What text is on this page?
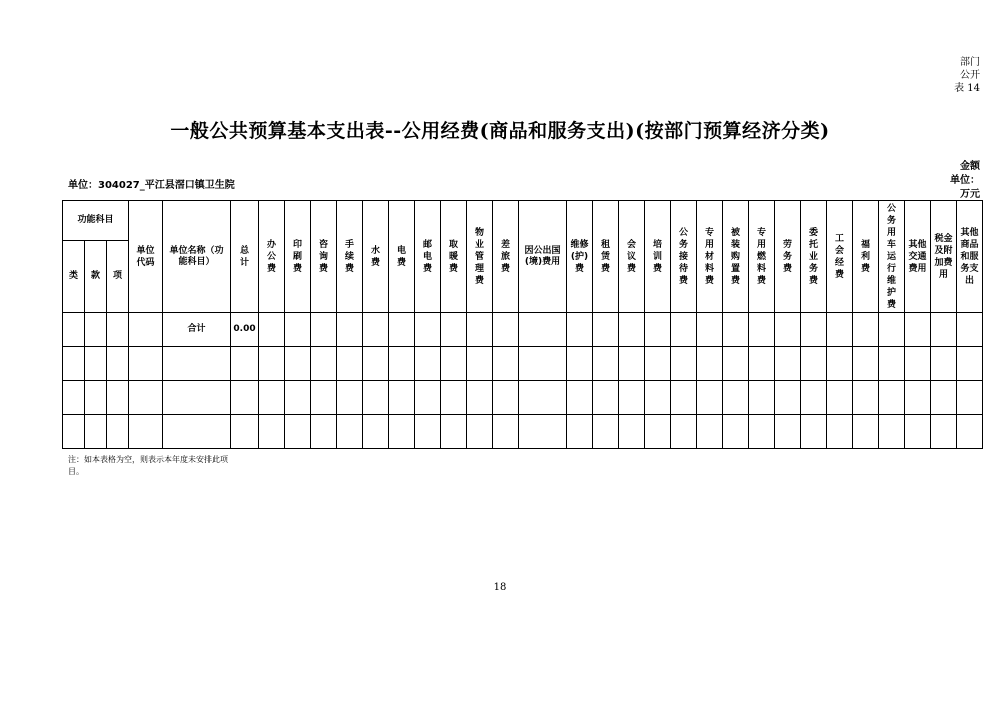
部门
公开
表 14
一般公共预算基本支出表--公用经费(商品和服务支出)(按部门预算经济分类)
单位：304027_平江县滘口镇卫生院
金额
单位：
万元
功能科目			单位代码	单位名称（功能科目）	总计	办公费	印刷费	咨询费	手续费	水费	电费	邮电费	取暖费	物业管理费	差旅费	因公出国(境)费用	维修(护)费	租赁费	会议费	培训费	公务接待费	专用材料费	被装购置费	专用燃料费	劳务费	委托业务费	工会经费	福利费	公务用车运行维护费	其他交通费用	税金及附加费用	其他商品和服务支出
类	款	项																														
				合计	0.00																											

注：如本表格为空，则表示本年度未安排此项目。
18
